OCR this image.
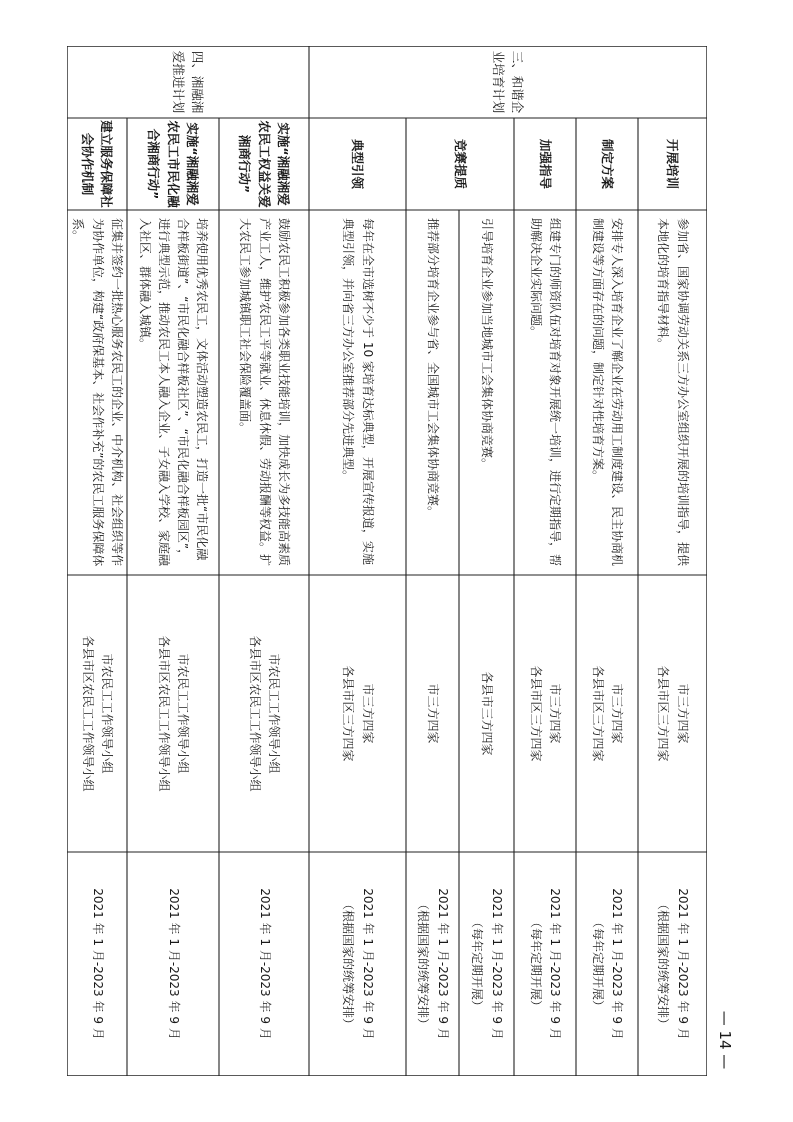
开展培训
参加省、国家协调劳动关系三方办公室组织开展的培训指导，提供本地化的培育指导材料。
市三方四家
各县市区三方四家
2021 年 1 月-2023 年 9 月
（根据国家的统筹安排）
制定方案
安排专人深入培育企业了解企业在劳动用工制度建设、民主协商机制建设等方面存在的问题，制定针对性培育方案。
市三方四家
各县市区三方四家
2021 年 1 月-2023 年 9 月
（每年定期开展）
三、和谐企业培育计划
加强指导
组建专门的师资队伍对培育对象开展统一培训，进行定期指导，帮助解决企业实际问题。
市三方四家
各县市区三方四家
2021 年 1 月-2023 年 9 月
（每年定期开展）
竞赛提质
引导培育企业参加当地城市工会集体协商竞赛。
各县市三方四家
2021 年 1 月-2023 年 9 月
（每年定期开展）
推荐部分培育企业参与省、全国城市工会集体协商竞赛。
市三方四家
2021 年 1 月-2023 年 9 月
（根据国家的统筹安排）
典型引领
每年在全市选树不少于 10 家培育达标典型，开展宣传报道，实施典型引领，并向省三方办公室推荐部分先进典型。
市三方四家
各县市区三方四家
2021 年 1 月-2023 年 9 月
（根据国家的统筹安排）
四、湘融湘爱推进计划
实施“湘融湘爱农民工权益关爱湘商行动”
鼓励农民工积极参加各类职业技能培训，加快成长为多技能高素质产业工人，维护农民工平等就业、休息休假、劳动报酬等权益。扩大农民工参加城镇职工社会保险覆盖面。
市农民工工作领导小组
各县市区农民工工作领导小组
2021 年 1 月-2023 年 9 月
实施“湘融湘爱农民工市民化融合湘商行动”
培养使用优秀农民工，文体活动塑造农民工，打造一批“市民化融合样板街道”、“市民化融合样板社区”、“市民化融合样板园区”，进行典型示范，推动农民工本人融入企业、子女融入学校、家庭融入社区、群体融入城镇。
市农民工工作领导小组
各县市区农民工工作领导小组
2021 年 1 月-2023 年 9 月
建立服务保障社会协作机制
征集并签约一批热心服务农民工的企业、中介机构、社会组织等作为协作单位，构建“政府保基本、社会作补充”的农民工服务保障体系。
市农民工工作领导小组
各县市区农民工工作领导小组
2021 年 1 月-2023 年 9 月
— 14 —
